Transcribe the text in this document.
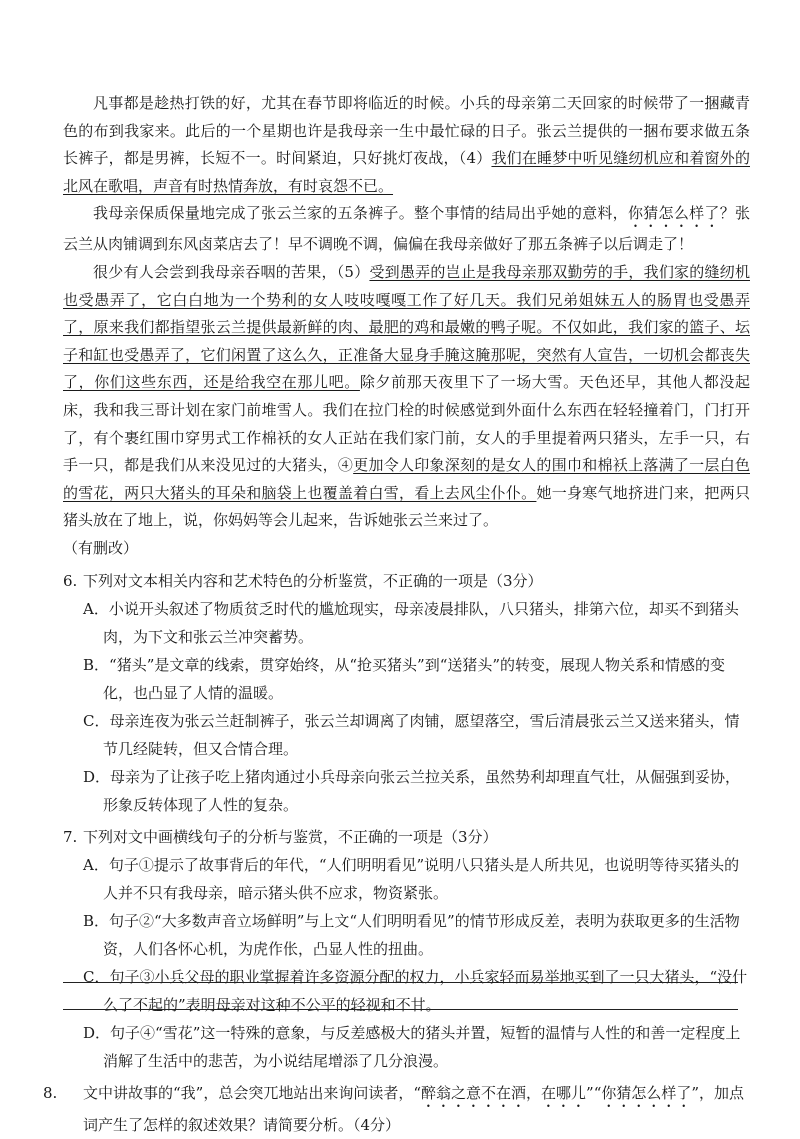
凡事都是趁热打铁的好，尤其在春节即将临近的时候。小兵的母亲第二天回家的时候带了一捆藏青色的布到我家来。此后的一个星期也许是我母亲一生中最忙碌的日子。张云兰提供的一捆布要求做五条长裤子，都是男裤，长短不一。时间紧迫，只好挑灯夜战，（4）我们在睡梦中听见缝纫机应和着窗外的北风在歌唱，声音有时热情奔放，有时哀怨不已。

我母亲保质保量地完成了张云兰家的五条裤子。整个事情的结局出乎她的意料，你猜怎么样了？张云兰从肉铺调到东风卤菜店去了！早不调晚不调，偏偏在我母亲做好了那五条裤子以后调走了！

很少有人会尝到我母亲吞咽的苦果，（5）受到愚弄的岂止是我母亲那双勤劳的手，我们家的缝纫机也受愚弄了，它白白地为一个势利的女人吱吱嘎嘎工作了好几天。我们兄弟姐妹五人的肠胃也受愚弄了，原来我们都指望张云兰提供最新鲜的肉、最肥的鸡和最嫩的鸭子呢。不仅如此，我们家的篮子、坛子和缸也受愚弄了，它们闲置了这么久，正准备大显身手腌这腌那呢，突然有人宣告，一切机会都丧失了，你们这些东西，还是给我空在那儿吧。除夕前那天夜里下了一场大雪。天色还早，其他人都没起床，我和我三哥计划在家门前堆雪人。我们在拉门栓的时候感觉到外面什么东西在轻轻撞着门，门打开了，有个裹红围巾穿男式工作棉袄的女人正站在我们家门前，女人的手里提着两只猪头，左手一只，右手一只，都是我们从来没见过的大猪头，④更加令人印象深刻的是女人的围巾和棉袄上落满了一层白色的雪花，两只大猪头的耳朵和脑袋上也覆盖着白雪，看上去风尘仆仆。她一身寒气地挤进门来，把两只猪头放在了地上，说，你妈妈等会儿起来，告诉她张云兰来过了。

（有删改）

6. 下列对文本相关内容和艺术特色的分析鉴赏，不正确的一项是（3分）

A．小说开头叙述了物质贫乏时代的尴尬现实，母亲凌晨排队，八只猪头，排第六位，却买不到猪头肉，为下文和张云兰冲突蓄势。

B．“猪头”是文章的线索，贯穿始终，从“抢买猪头”到“送猪头”的转变，展现人物关系和情感的变化，也凸显了人情的温暖。

C．母亲连夜为张云兰赶制裤子，张云兰却调离了肉铺，愿望落空，雪后清晨张云兰又送来猪头，情节几经陡转，但又合情合理。

D．母亲为了让孩子吃上猪肉通过小兵母亲向张云兰拉关系，虽然势利却理直气壮，从倔强到妥协，形象反转体现了人性的复杂。

7. 下列对文中画横线句子的分析与鉴赏，不正确的一项是（3分）

A．句子①提示了故事背后的年代，“人们明明看见”说明八只猪头是人所共见，也说明等待买猪头的人并不只有我母亲，暗示猪头供不应求，物资紧张。

B．句子②“大多数声音立场鲜明”与上文“人们明明看见”的情节形成反差，表明为获取更多的生活物资，人们各怀心机，为虎作伥，凸显人性的扭曲。

C．句子③小兵父母的职业掌握着许多资源分配的权力，小兵家轻而易举地买到了一只大猪头，“没什么了不起的”表明母亲对这种不公平的轻视和不甘。

D．句子④“雪花”这一特殊的意象，与反差感极大的猪头并置，短暂的温情与人性的和善一定程度上消解了生活中的悲苦，为小说结尾增添了几分浪漫。

8. 文中讲故事的“我”，总会突兀地站出来询问读者，“醉翁之意不在酒，在哪儿”“你猜怎么样了”，加点词产生了怎样的叙述效果？请简要分析。（4分）
